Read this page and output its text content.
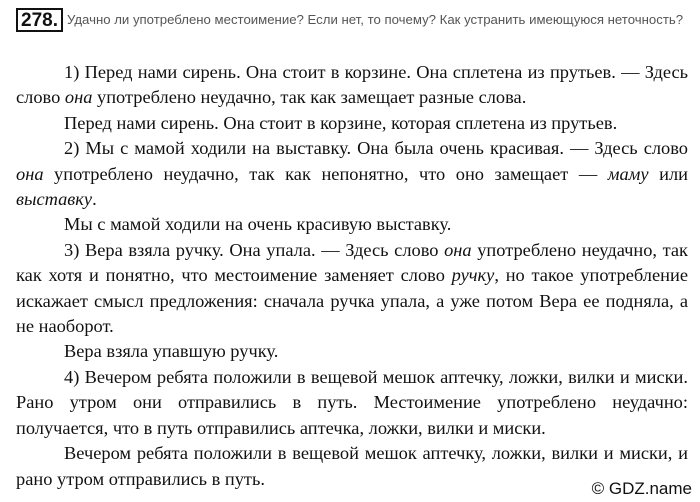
278. Удачно ли употреблено местоимение? Если нет, то почему? Как устранить имеющуюся неточность?

1) Перед нами сирень. Она стоит в корзине. Она сплетена из прутьев. — Здесь слово она употреблено неудачно, так как замещает разные слова.

Перед нами сирень. Она стоит в корзине, которая сплетена из прутьев.

2) Мы с мамой ходили на выставку. Она была очень красивая. — Здесь слово она употреблено неудачно, так как непонятно, что оно замещает — маму или выставку.

Мы с мамой ходили на очень красивую выставку.

3) Вера взяла ручку. Она упала. — Здесь слово она употреблено неудачно, так как хотя и понятно, что местоимение заменяет слово ручку, но такое употребление искажает смысл предложения: сначала ручка упала, а уже потом Вера ее подняла, а не наоборот.

Вера взяла упавшую ручку.

4) Вечером ребята положили в вещевой мешок аптечку, ложки, вилки и миски. Рано утром они отправились в путь. Местоимение употреблено неудачно: получается, что в путь отправились аптечка, ложки, вилки и миски.

Вечером ребята положили в вещевой мешок аптечку, ложки, вилки и миски, и рано утром отправились в путь.	© GDZ.name
